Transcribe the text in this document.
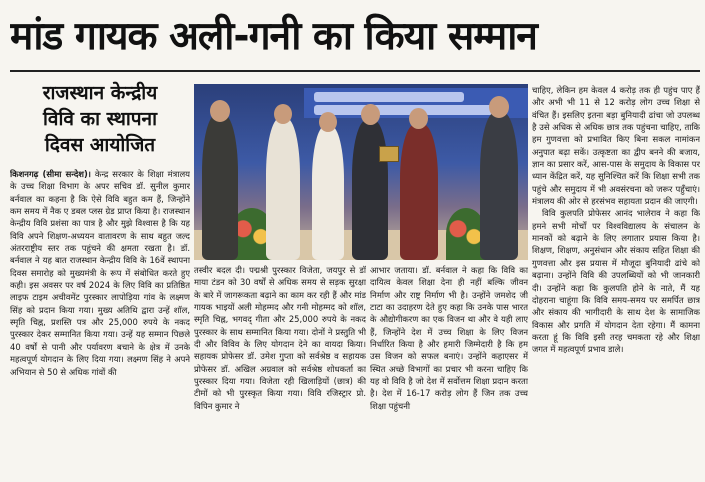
मांड गायक अली-गनी का किया सम्मान
राजस्थान केन्द्रीय
विवि का स्थापना
दिवस आयोजित

किशनगढ़ (सीमा सन्देश)। केन्द्र सरकार के शिक्षा मंत्रालय के उच्च शिक्षा विभाग के अपर सचिव डॉ. सुनील कुमार बर्नवाल का कहना है कि ऐसे विवि बहुत कम हैं, जिन्होंने कम समय में नैक ए डबल प्लस ग्रेड प्राप्त किया है। राजस्थान केन्द्रीय विवि प्रशंसा का पात्र है और मुझे विश्वास है कि यह विवि अपने शिक्षण-अध्ययन वातावरण के साथ बहुत जल्द अंतरराष्ट्रीय स्तर तक पहुंचने की क्षमता रखता है। डॉ. बर्नवाल ने यह बात राजस्थान केन्द्रीय विवि के 16वें स्थापना दिवस समारोह को मुख्यमंत्री के रूप में संबोधित करते हुए कही। इस अवसर पर वर्ष 2024 के लिए विवि का प्रतिष्ठित लाइफ टाइम अचीवमेंट पुरस्कार लापोड़िया गांव के लक्ष्मण सिंह को प्रदान किया गया। मुख्य अतिथि द्वारा उन्हें शॉल, स्मृति चिह्न, प्रशस्ति पत्र और 25,000 रुपये के नकद पुरस्कार देकर सम्मानित किया गया। उन्हें यह सम्मान पिछले 40 वर्षों से पानी और पर्यावरण बचाने के क्षेत्र में उनके महत्वपूर्ण योगदान के लिए दिया गया। लक्ष्मण सिंह ने अपने अभियान से 50 से अधिक गांवों की

तस्वीर बदल दी। पद्मश्री पुरस्कार विजेता, जयपुर से डॉ माया टंडन को 30 वर्षों से अधिक समय से सड़क सुरक्षा के बारे में जागरूकता बढ़ाने का काम कर रही हैं और मांड गायक भाइयों अली मोहम्मद और गनी मोहम्मद को शॉल, स्मृति चिह्न, भगवद् गीता और 25,000 रुपये के नकद पुरस्कार के साथ सम्मानित किया गया। दोनों ने प्रस्तुति भी दी और विविव के लिए योगदान देने का वायदा किया। सहायक प्रोफेसर डॉ. उमेश गुप्ता को सर्वश्रेष्ठ व सहायक प्रोफेसर डॉ. अखिल अग्रवाल को सर्वश्रेष्ठ शोधकर्ता का पुरस्कार दिया गया। विजेता रही खिलाड़ियों (छात्र) की टीमों को भी पुरस्कृत किया गया। विवि रजिस्ट्रार प्रो. विपिन कुमार ने

आभार जताया। डॉ. बर्नवाल ने कहा कि विवि का दायित्व केवल शिक्षा देना ही नहीं बल्कि जीवन निर्माण और राष्ट्र निर्माण भी है। उन्होंने जमशेद जी टाटा का उदाहरण देते हुए कहा कि उनके पास भारत के औद्योगीकरण का एक विजन था और वे यही लाए हैं, जिन्होंने देश में उच्च शिक्षा के लिए विजन निर्धारित किया है और हमारी जिम्मेदारी है कि हम उस विजन को सफल बनाएं। उन्होंने कहाएसर में स्थित अच्छे विभागों का प्रचार भी करना चाहिए कि यह वो विवि है जो देश में सर्वोत्तम शिक्षा प्रदान करता है। देश में 16-17 करोड़ लोग हैं जिन तक उच्च शिक्षा पहुंचनी

चाहिए, लेकिन हम केवल 4 करोड़ तक ही पहुंच पाए हैं और अभी भी 11 से 12 करोड़ लोग उच्च शिक्षा से वंचित हैं। इसलिए इतना बड़ा बुनियादी ढांचा जो उपलब्ध है उसे अधिक से अधिक छात्र तक पहुंचना चाहिए, ताकि हम गुणवत्ता को प्रभावित किए बिना सकल नामांकन अनुपात बढ़ा सकें। उत्कृष्टता का द्वीप बनने की बजाय, ज्ञान का प्रसार करें, आस-पास के समुदाय के विकास पर ध्यान केंद्रित करें, यह सुनिश्चित करें कि शिक्षा सभी तक पहुंचे और समुदाय में भी अवसंरचना को जरूर पहुँचाएं। मंत्रालय की ओर से हरसंभव सहायता प्रदान की जाएगी।

विवि कुलपति प्रोफेसर आनंद भालेराव ने कहा कि हमने सभी मोर्चों पर विश्वविद्यालय के संचालन के मानकों को बढ़ाने के लिए लगातार प्रयास किया है। शिक्षण, शिक्षण, अनुसंधान और संकाय सहित शिक्षा की गुणवत्ता और इस प्रयास में मौजूदा बुनियादी ढांचे को बढ़ाना। उन्होंने विवि की उपलब्धियों को भी जानकारी दी। उन्होंने कहा कि कुलपति होने के नाते, मैं यह दोहराना चाहूंगा कि विवि समय-समय पर समर्पित छात्र और संकाय की भागीदारी के साथ देश के सामाजिक विकास और प्रगति में योगदान देता रहेगा। मैं कामना करता हूं कि विवि इसी तरह चमकता रहे और शिक्षा जगत में महत्वपूर्ण प्रभाव डाले।
